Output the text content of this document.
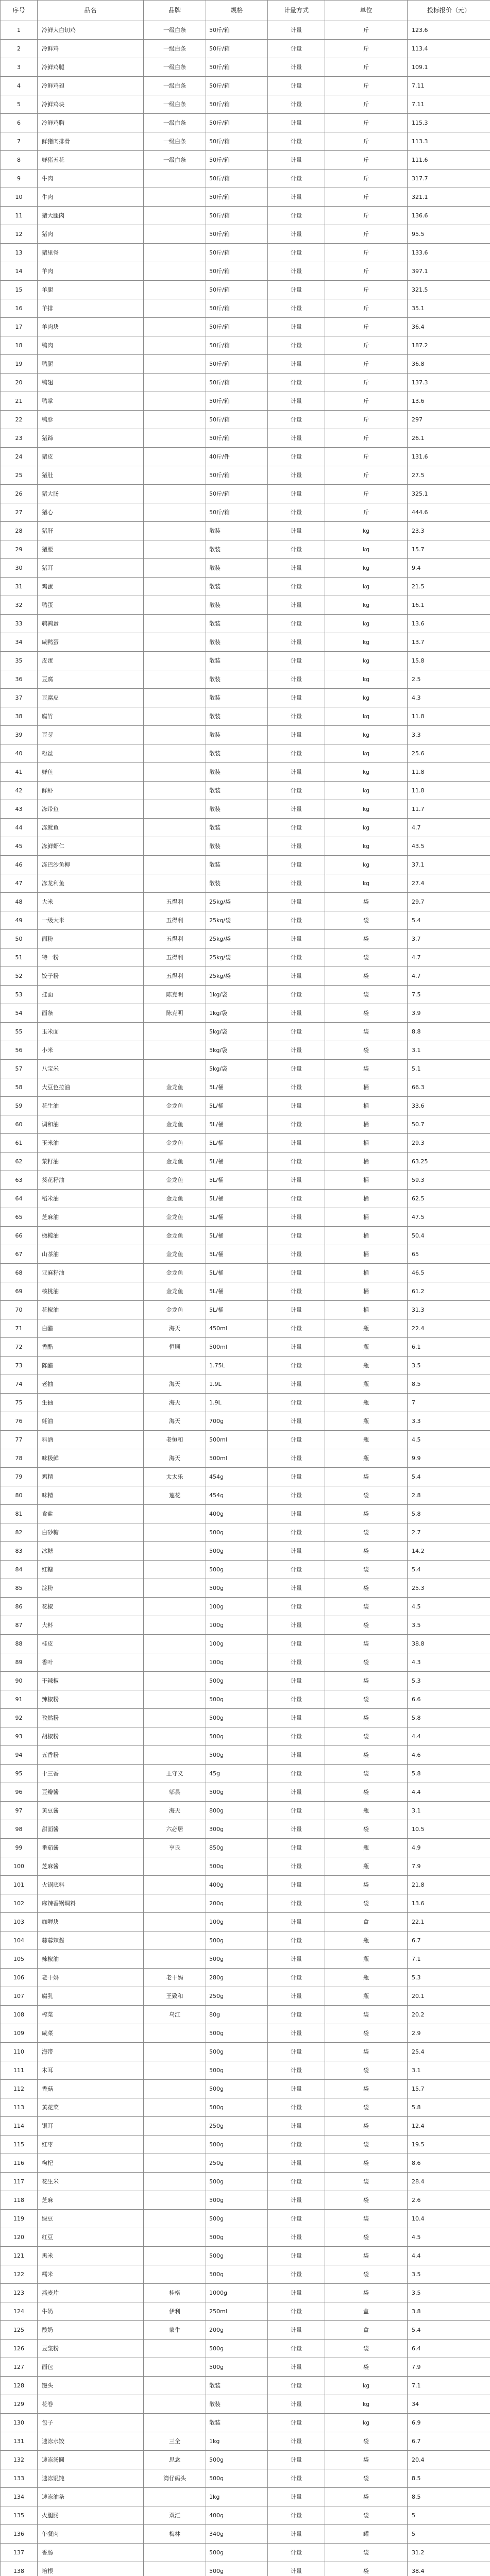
序号	品名	品牌	规格	计量方式	单位	投标报价（元）
1	冷鲜大白切鸡	一级白条	50斤/箱	计量	斤	123.6
2	冷鲜鸡	一级白条	50斤/箱	计量	斤	113.4
3	冷鲜鸡腿	一级白条	50斤/箱	计量	斤	109.1
4	冷鲜鸡翅	一级白条	50斤/箱	计量	斤	7.11
5	冷鲜鸡块	一级白条	50斤/箱	计量	斤	7.11
6	冷鲜鸡胸	一级白条	50斤/箱	计量	斤	115.3
7	鲜猪肉排骨	一级白条	50斤/箱	计量	斤	113.3
8	鲜猪五花	一级白条	50斤/箱	计量	斤	111.6
9	牛肉		50斤/箱	计量	斤	317.7
10	牛肉		50斤/箱	计量	斤	321.1
11	猪大腿肉		50斤/箱	计量	斤	136.6
12	猪肉		50斤/箱	计量	斤	95.5
13	猪里脊		50斤/箱	计量	斤	133.6
14	羊肉		50斤/箱	计量	斤	397.1
15	羊腿		50斤/箱	计量	斤	321.5
16	羊排		50斤/箱	计量	斤	35.1
17	羊肉块		50斤/箱	计量	斤	36.4
18	鸭肉		50斤/箱	计量	斤	187.2
19	鸭腿		50斤/箱	计量	斤	36.8
20	鸭翅		50斤/箱	计量	斤	137.3
21	鸭掌		50斤/箱	计量	斤	13.6
22	鸭胗		50斤/箱	计量	斤	297
23	猪蹄		50斤/箱	计量	斤	26.1
24	猪皮		40斤/件	计量	斤	131.6
25	猪肚		50斤/箱	计量	斤	27.5
26	猪大肠		50斤/箱	计量	斤	325.1
27	猪心		50斤/箱	计量	斤	444.6
28	猪肝		散装	计量	kg	23.3
29	猪腰		散装	计量	kg	15.7
30	猪耳		散装	计量	kg	9.4
31	鸡蛋		散装	计量	kg	21.5
32	鸭蛋		散装	计量	kg	16.1
33	鹌鹑蛋		散装	计量	kg	13.6
34	咸鸭蛋		散装	计量	kg	13.7
35	皮蛋		散装	计量	kg	15.8
36	豆腐		散装	计量	kg	2.5
37	豆腐皮		散装	计量	kg	4.3
38	腐竹		散装	计量	kg	11.8
39	豆芽		散装	计量	kg	3.3
40	粉丝		散装	计量	kg	25.6
41	鲜鱼		散装	计量	kg	11.8
42	鲜虾		散装	计量	kg	11.8
43	冻带鱼		散装	计量	kg	11.7
44	冻鱿鱼		散装	计量	kg	4.7
45	冻鲜虾仁		散装	计量	kg	43.5
46	冻巴沙鱼柳		散装	计量	kg	37.1
47	冻龙利鱼		散装	计量	kg	27.4
48	大米	五得利	25kg/袋	计量	袋	29.7
49	一级大米	五得利	25kg/袋	计量	袋	5.4
50	面粉	五得利	25kg/袋	计量	袋	3.7
51	特一粉	五得利	25kg/袋	计量	袋	4.7
52	饺子粉	五得利	25kg/袋	计量	袋	4.7
53	挂面	陈克明	1kg/袋	计量	袋	7.5
54	面条	陈克明	1kg/袋	计量	袋	3.9
55	玉米面		5kg/袋	计量	袋	8.8
56	小米		5kg/袋	计量	袋	3.1
57	八宝米		5kg/袋	计量	袋	5.1
58	大豆色拉油	金龙鱼	5L/桶	计量	桶	66.3
59	花生油	金龙鱼	5L/桶	计量	桶	33.6
60	调和油	金龙鱼	5L/桶	计量	桶	50.7
61	玉米油	金龙鱼	5L/桶	计量	桶	29.3
62	菜籽油	金龙鱼	5L/桶	计量	桶	63.25
63	葵花籽油	金龙鱼	5L/桶	计量	桶	59.3
64	稻米油	金龙鱼	5L/桶	计量	桶	62.5
65	芝麻油	金龙鱼	5L/桶	计量	桶	47.5
66	橄榄油	金龙鱼	5L/桶	计量	桶	50.4
67	山茶油	金龙鱼	5L/桶	计量	桶	65
68	亚麻籽油	金龙鱼	5L/桶	计量	桶	46.5
69	核桃油	金龙鱼	5L/桶	计量	桶	61.2
70	花椒油	金龙鱼	5L/桶	计量	桶	31.3
71	白醋	海天	450ml	计量	瓶	22.4
72	香醋	恒顺	500ml	计量	瓶	6.1
73	陈醋		1.75L	计量	瓶	3.5
74	老抽	海天	1.9L	计量	瓶	8.5
75	生抽	海天	1.9L	计量	瓶	7
76	蚝油	海天	700g	计量	瓶	3.3
77	料酒	老恒和	500ml	计量	瓶	4.5
78	味极鲜	海天	500ml	计量	瓶	9.9
79	鸡精	太太乐	454g	计量	袋	5.4
80	味精	莲花	454g	计量	袋	2.8
81	食盐		400g	计量	袋	5.8
82	白砂糖		500g	计量	袋	2.7
83	冰糖		500g	计量	袋	14.2
84	红糖		500g	计量	袋	5.4
85	淀粉		500g	计量	袋	25.3
86	花椒		100g	计量	袋	4.5
87	大料		100g	计量	袋	3.5
88	桂皮		100g	计量	袋	38.8
89	香叶		100g	计量	袋	4.3
90	干辣椒		500g	计量	袋	5.3
91	辣椒粉		500g	计量	袋	6.6
92	孜然粉		500g	计量	袋	5.8
93	胡椒粉		500g	计量	袋	4.4
94	五香粉		500g	计量	袋	4.6
95	十三香	王守义	45g	计量	袋	5.8
96	豆瓣酱	郫县	500g	计量	袋	4.4
97	黄豆酱	海天	800g	计量	瓶	3.1
98	甜面酱	六必居	300g	计量	袋	10.5
99	番茄酱	亨氏	850g	计量	瓶	4.9
100	芝麻酱		500g	计量	瓶	7.9
101	火锅底料		400g	计量	袋	21.8
102	麻辣香锅调料		200g	计量	袋	13.6
103	咖喱块		100g	计量	盒	22.1
104	蒜蓉辣酱		500g	计量	瓶	6.7
105	辣椒油		500g	计量	瓶	7.1
106	老干妈	老干妈	280g	计量	瓶	5.3
107	腐乳	王致和	250g	计量	瓶	20.1
108	榨菜	乌江	80g	计量	袋	20.2
109	咸菜		500g	计量	袋	2.9
110	海带		500g	计量	袋	25.4
111	木耳		500g	计量	袋	3.1
112	香菇		500g	计量	袋	15.7
113	黄花菜		500g	计量	袋	5.8
114	银耳		250g	计量	袋	12.4
115	红枣		500g	计量	袋	19.5
116	枸杞		250g	计量	袋	8.6
117	花生米		500g	计量	袋	28.4
118	芝麻		500g	计量	袋	2.6
119	绿豆		500g	计量	袋	10.4
120	红豆		500g	计量	袋	4.5
121	黑米		500g	计量	袋	4.4
122	糯米		500g	计量	袋	3.5
123	燕麦片	桂格	1000g	计量	袋	3.5
124	牛奶	伊利	250ml	计量	盒	3.8
125	酸奶	蒙牛	200g	计量	盒	5.4
126	豆浆粉		500g	计量	袋	6.4
127	面包		500g	计量	袋	7.9
128	馒头		散装	计量	kg	7.1
129	花卷		散装	计量	kg	34
130	包子		散装	计量	kg	6.9
131	速冻水饺	三全	1kg	计量	袋	6.7
132	速冻汤圆	思念	500g	计量	袋	20.4
133	速冻馄饨	湾仔码头	500g	计量	袋	8.5
134	速冻油条		1kg	计量	袋	8.5
135	火腿肠	双汇	400g	计量	袋	5
136	午餐肉	梅林	340g	计量	罐	5
137	香肠		500g	计量	袋	31.2
138	培根		500g	计量	袋	38.4
